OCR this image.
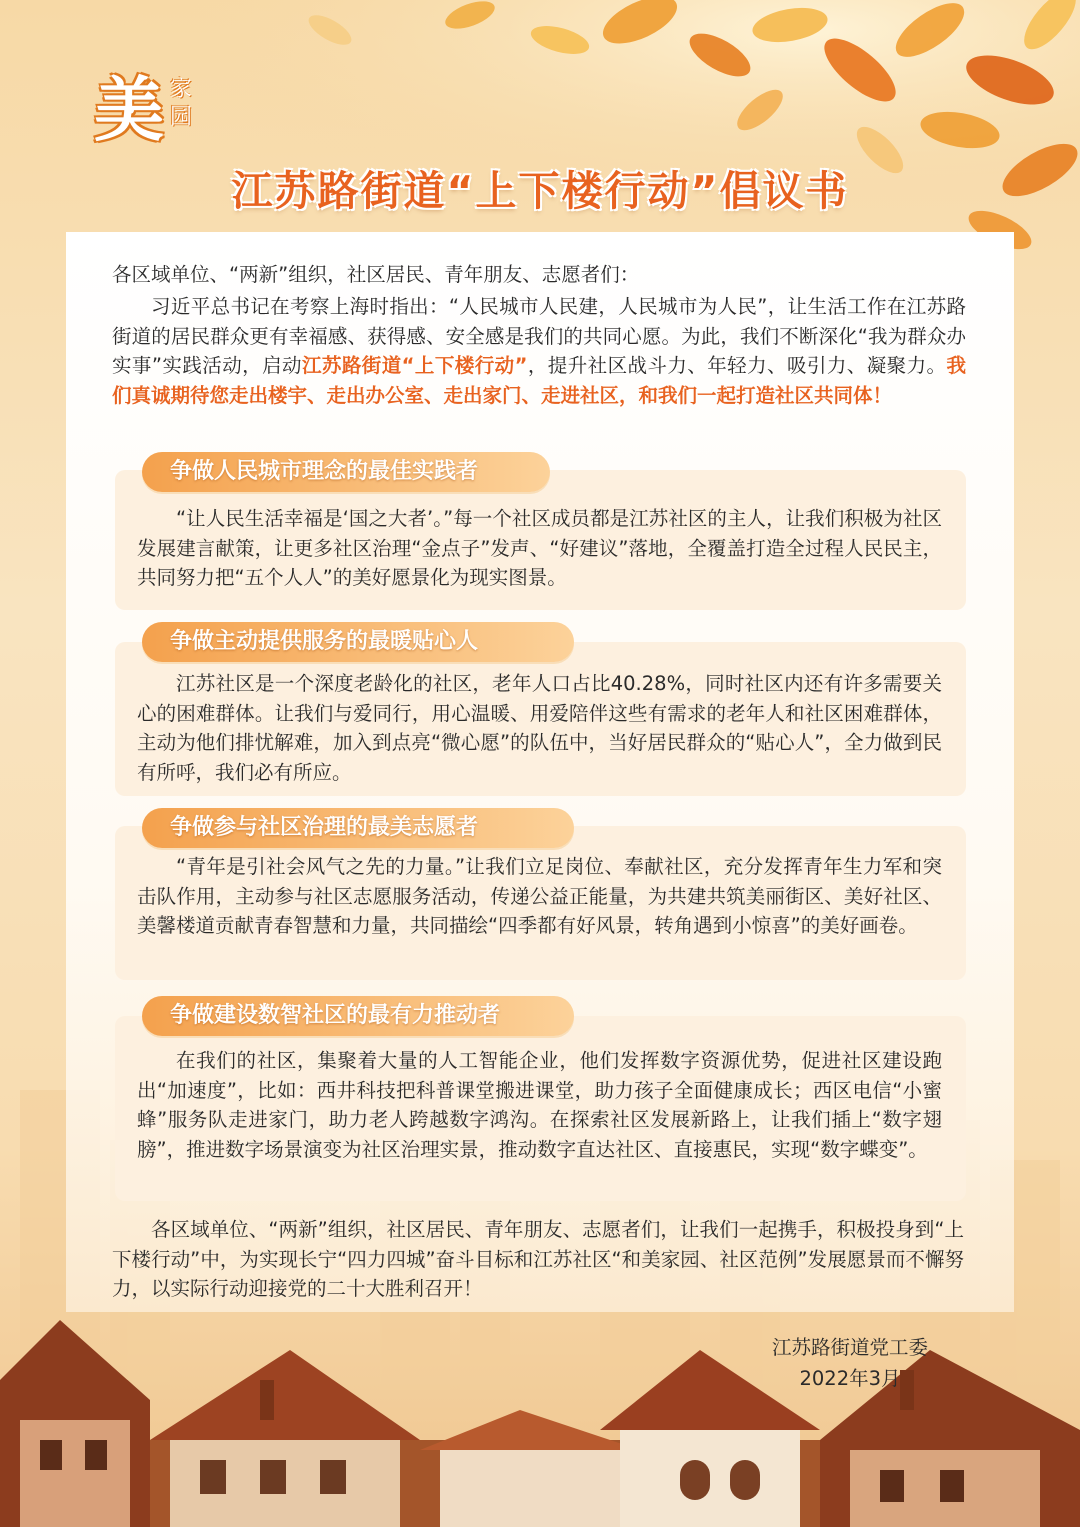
美 家园
江苏路街道“上下楼行动”倡议书
各区域单位、“两新”组织，社区居民、青年朋友、志愿者们：
习近平总书记在考察上海时指出：“人民城市人民建，人民城市为人民”，让生活工作在江苏路街道的居民群众更有幸福感、获得感、安全感是我们的共同心愿。为此，我们不断深化“我为群众办实事”实践活动，启动江苏路街道“上下楼行动”，提升社区战斗力、年轻力、吸引力、凝聚力。我们真诚期待您走出楼宇、走出办公室、走出家门、走进社区，和我们一起打造社区共同体！
“让人民生活幸福是‘国之大者’。”每一个社区成员都是江苏社区的主人，让我们积极为社区发展建言献策，让更多社区治理“金点子”发声、“好建议”落地，全覆盖打造全过程人民民主，共同努力把“五个人人”的美好愿景化为现实图景。
争做人民城市理念的最佳实践者
江苏社区是一个深度老龄化的社区，老年人口占比40.28%，同时社区内还有许多需要关心的困难群体。让我们与爱同行，用心温暖、用爱陪伴这些有需求的老年人和社区困难群体，主动为他们排忧解难，加入到点亮“微心愿”的队伍中，当好居民群众的“贴心人”，全力做到民有所呼，我们必有所应。
争做主动提供服务的最暖贴心人
“青年是引社会风气之先的力量。”让我们立足岗位、奉献社区，充分发挥青年生力军和突击队作用，主动参与社区志愿服务活动，传递公益正能量，为共建共筑美丽街区、美好社区、美馨楼道贡献青春智慧和力量，共同描绘“四季都有好风景，转角遇到小惊喜”的美好画卷。
争做参与社区治理的最美志愿者
在我们的社区，集聚着大量的人工智能企业，他们发挥数字资源优势，促进社区建设跑出“加速度”，比如：西井科技把科普课堂搬进课堂，助力孩子全面健康成长；西区电信“小蜜蜂”服务队走进家门，助力老人跨越数字鸿沟。在探索社区发展新路上，让我们插上“数字翅膀”，推进数字场景演变为社区治理实景，推动数字直达社区、直接惠民，实现“数字蝶变”。
争做建设数智社区的最有力推动者
各区域单位、“两新”组织，社区居民、青年朋友、志愿者们，让我们一起携手，积极投身到“上下楼行动”中，为实现长宁“四力四城”奋斗目标和江苏社区“和美家园、社区范例”发展愿景而不懈努力，以实际行动迎接党的二十大胜利召开！
江苏路街道党工委
2022年3月
